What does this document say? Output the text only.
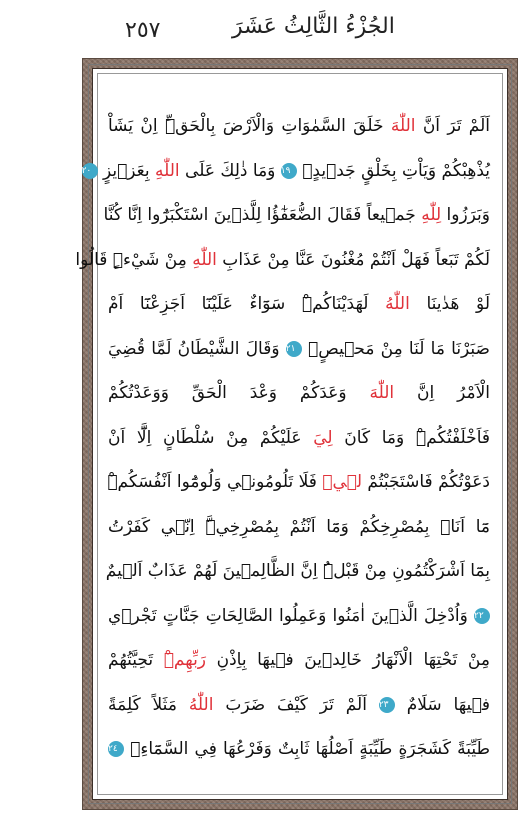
٢٥٧	الجُزْءُ الثَّالِثُ عَشَرَ
اَلَمْ تَرَ اَنَّ اللّٰهَ خَلَقَ السَّمٰوَاتِ وَالْاَرْضَ بِالْحَقِّۜ اِنْ يَشَاْ
يُذْهِبْكُمْ وَيَاْتِ بِخَلْقٍ جَد۪يدٍۙ ١٩ وَمَا ذٰلِكَ عَلَى اللّٰهِ بِعَز۪يزٍ ٢٠
وَبَرَزُوا لِلّٰهِ جَم۪يعاً فَقَالَ الضُّعَفٰٓؤُا لِلَّذ۪ينَ اسْتَكْبَرُٓوا اِنَّا كُنَّا
لَكُمْ تَبَعاً فَهَلْ اَنْتُمْ مُغْنُونَ عَنَّا مِنْ عَذَابِ اللّٰهِ مِنْ شَيْءٍۜ قَالُوا
لَوْ هَدٰينَا اللّٰهُ لَهَدَيْنَاكُمْۜ سَوَٓاءٌ عَلَيْنَٓا اَجَزِعْنَٓا اَمْ
صَبَرْنَا مَا لَنَا مِنْ مَح۪يصٍ۟ ٢١ وَقَالَ الشَّيْطَانُ لَمَّا قُضِيَ
الْاَمْرُ اِنَّ اللّٰهَ وَعَدَكُمْ وَعْدَ الْحَقِّ وَوَعَدْتُكُمْ
فَاَخْلَفْتُكُمْۜ وَمَا كَانَ لِيَ عَلَيْكُمْ مِنْ سُلْطَانٍ اِلَّٓا اَنْ
دَعَوْتُكُمْ فَاسْتَجَبْتُمْ ل۪يۚ فَلَا تَلُومُون۪ي وَلُومُٓوا اَنْفُسَكُمْۜ
مَٓا اَنَا۬ بِمُصْرِخِكُمْ وَمَٓا اَنْتُمْ بِمُصْرِخِيَّۜ اِنّ۪ي كَفَرْتُ
بِمَٓا اَشْرَكْتُمُونِ مِنْ قَبْلُۜ اِنَّ الظَّالِم۪ينَ لَهُمْ عَذَابٌ اَل۪يمٌ
٢٢ وَاُدْخِلَ الَّذ۪ينَ اٰمَنُوا وَعَمِلُوا الصَّالِحَاتِ جَنَّاتٍ تَجْر۪ي
مِنْ تَحْتِهَا الْاَنْهَارُ خَالِد۪ينَ ف۪يهَا بِاِذْنِ رَبِّهِمْۜ تَحِيَّتُهُمْ
ف۪يهَا سَلَامٌ ٢٣ اَلَمْ تَرَ كَيْفَ ضَرَبَ اللّٰهُ مَثَلاً كَلِمَةً
طَيِّبَةً كَشَجَرَةٍ طَيِّبَةٍ اَصْلُهَا ثَابِتٌ وَفَرْعُهَا فِي السَّمَٓاءِۙ ٢٤
